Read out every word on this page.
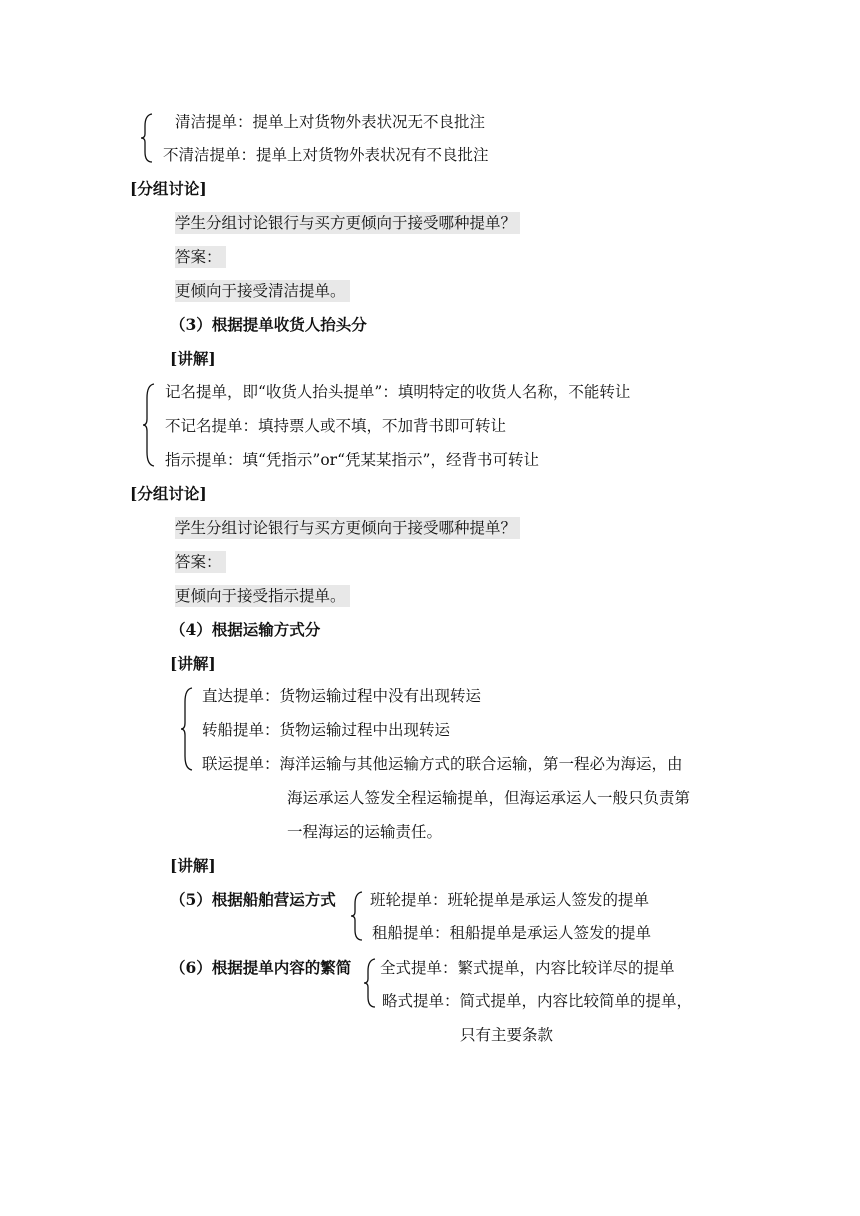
清洁提单：提单上对货物外表状况无不良批注
不清洁提单：提单上对货物外表状况有不良批注
[分组讨论]
学生分组讨论银行与买方更倾向于接受哪种提单？
答案：
更倾向于接受清洁提单。
（3）根据提单收货人抬头分
[讲解]
记名提单，即“收货人抬头提单”：填明特定的收货人名称，不能转让
不记名提单：填持票人或不填，不加背书即可转让
指示提单：填“凭指示”or“凭某某指示”，经背书可转让
[分组讨论]
学生分组讨论银行与买方更倾向于接受哪种提单？
答案：
更倾向于接受指示提单。
（4）根据运输方式分
[讲解]
直达提单：货物运输过程中没有出现转运
转船提单：货物运输过程中出现转运
联运提单：海洋运输与其他运输方式的联合运输，第一程必为海运，由
海运承运人签发全程运输提单，但海运承运人一般只负责第
一程海运的运输责任。
[讲解]
（5）根据船舶营运方式 班轮提单：班轮提单是承运人签发的提单
租船提单：租船提单是承运人签发的提单
（6）根据提单内容的繁简 全式提单：繁式提单，内容比较详尽的提单
略式提单：简式提单，内容比较简单的提单，
只有主要条款
